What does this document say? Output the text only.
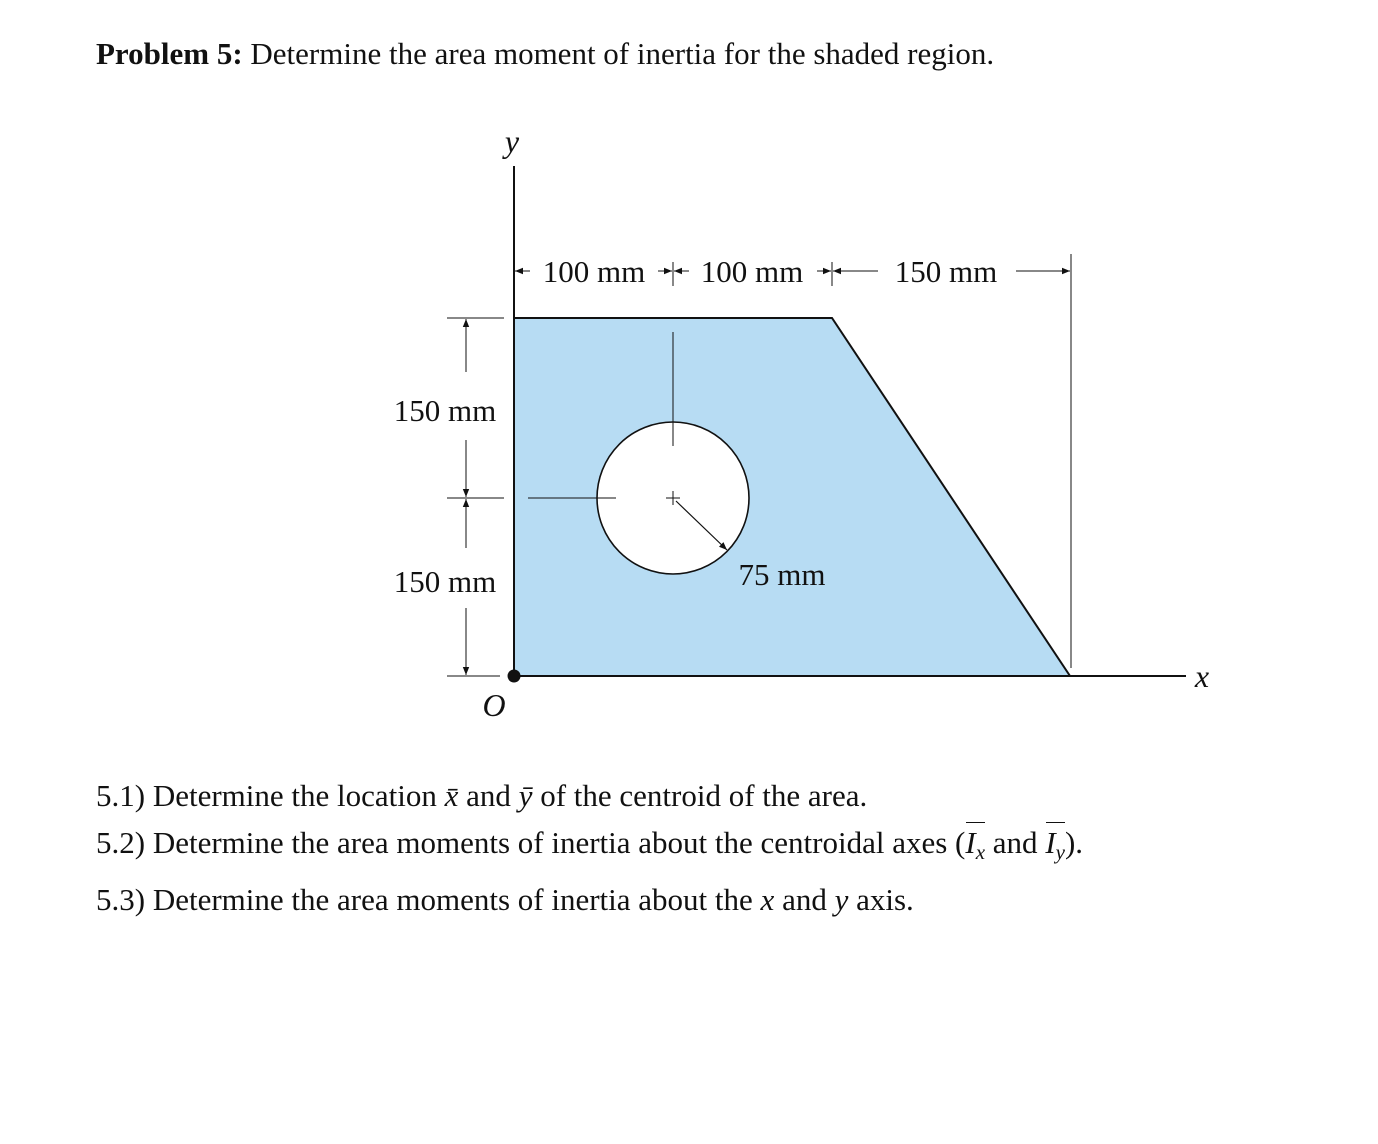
Problem 5: Determine the area moment of inertia for the shaded region.
100 mm 100 mm	150 mm
150 mm
150 mm	75 mm
y
x
O
5.1) Determine the location x̄ and ȳ of the centroid of the area.
5.2) Determine the area moments of inertia about the centroidal axes ($I_x$ and $I_y$).
5.3) Determine the area moments of inertia about the x and y axis.
